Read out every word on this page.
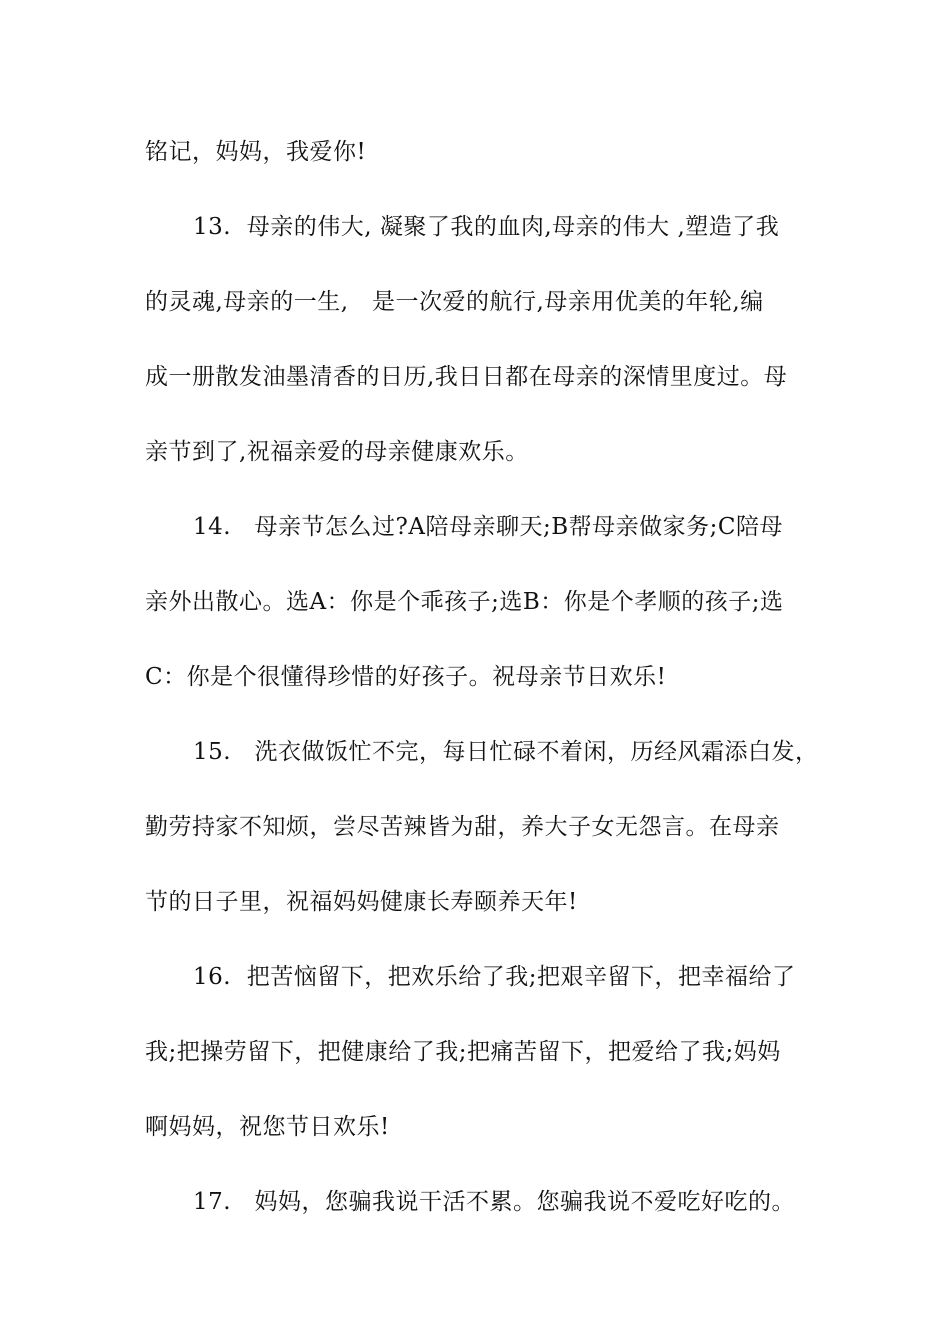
铭记，妈妈，我爱你!
13.  母亲的伟大, 凝聚了我的血肉,母亲的伟大 ,塑造了我
的灵魂,母亲的一生,   是一次爱的航行,母亲用优美的年轮,编
成一册散发油墨清香的日历,我日日都在母亲的深情里度过。母
亲节到了,祝福亲爱的母亲健康欢乐。
14.   母亲节怎么过?A陪母亲聊天;B帮母亲做家务;C陪母
亲外出散心。选A：你是个乖孩子;选B：你是个孝顺的孩子;选
C：你是个很懂得珍惜的好孩子。祝母亲节日欢乐!
15.   洗衣做饭忙不完，每日忙碌不着闲，历经风霜添白发，
勤劳持家不知烦，尝尽苦辣皆为甜，养大子女无怨言。在母亲
节的日子里，祝福妈妈健康长寿颐养天年!
16.  把苦恼留下，把欢乐给了我;把艰辛留下，把幸福给了
我;把操劳留下，把健康给了我;把痛苦留下，把爱给了我;妈妈
啊妈妈，祝您节日欢乐!
17.   妈妈，您骗我说干活不累。您骗我说不爱吃好吃的。
